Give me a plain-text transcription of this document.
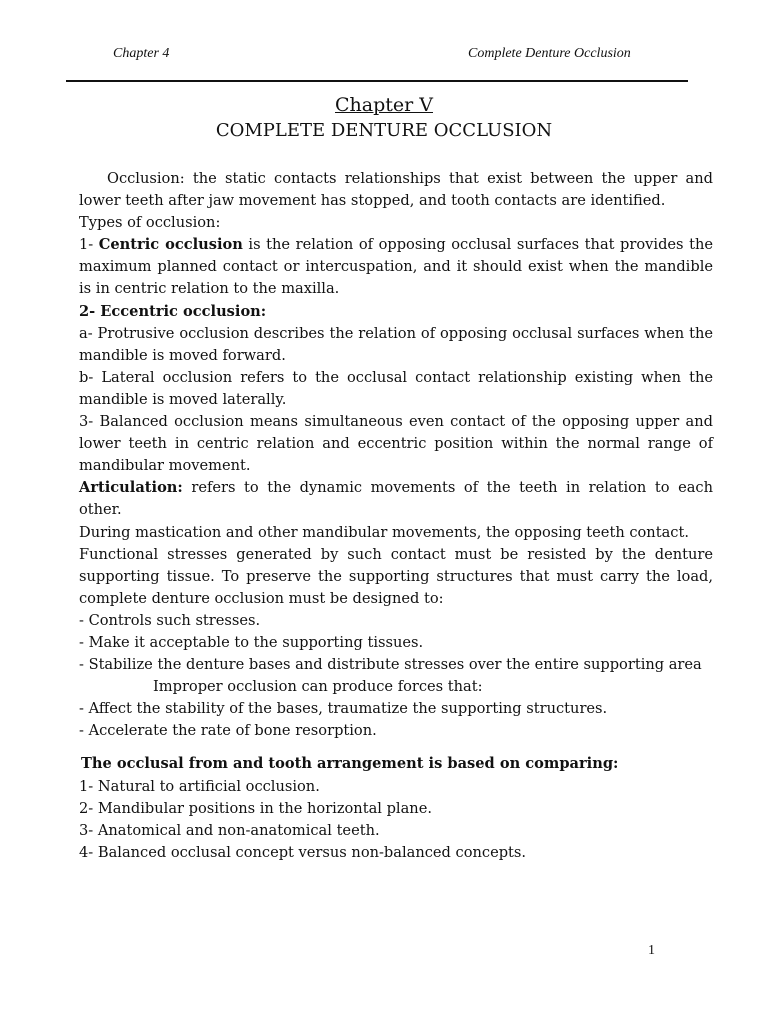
Chapter 4	Complete Denture Occlusion
Chapter V
COMPLETE DENTURE OCCLUSION

Occlusion: the static contacts relationships that exist between the upper and lower teeth after jaw movement has stopped, and tooth contacts are identified.

Types of occlusion:

1- Centric occlusion is the relation of opposing occlusal surfaces that provides the maximum planned contact or intercuspation, and it should exist when the mandible is in centric relation to the maxilla.

2- Eccentric occlusion:

a- Protrusive occlusion describes the relation of opposing occlusal surfaces when the mandible is moved forward.

b- Lateral occlusion refers to the occlusal contact relationship existing when the mandible is moved laterally.

3- Balanced occlusion means simultaneous even contact of the opposing upper and lower teeth in centric relation and eccentric position within the normal range of mandibular movement.

Articulation: refers to the dynamic movements of the teeth in relation to each other.

During mastication and other mandibular movements, the opposing teeth contact.

Functional stresses generated by such contact must be resisted by the denture supporting tissue. To preserve the supporting structures that must carry the load, complete denture occlusion must be designed to:

- Controls such stresses.

- Make it acceptable to the supporting tissues.

- Stabilize the denture bases and distribute stresses over the entire supporting area

Improper occlusion can produce forces that:

- Affect the stability of the bases, traumatize the supporting structures.

- Accelerate the rate of bone resorption.

The occlusal from and tooth arrangement is based on comparing:

1- Natural to artificial occlusion.

2- Mandibular positions in the horizontal plane.

3- Anatomical and non-anatomical teeth.

4- Balanced occlusal concept versus non-balanced concepts.

1
